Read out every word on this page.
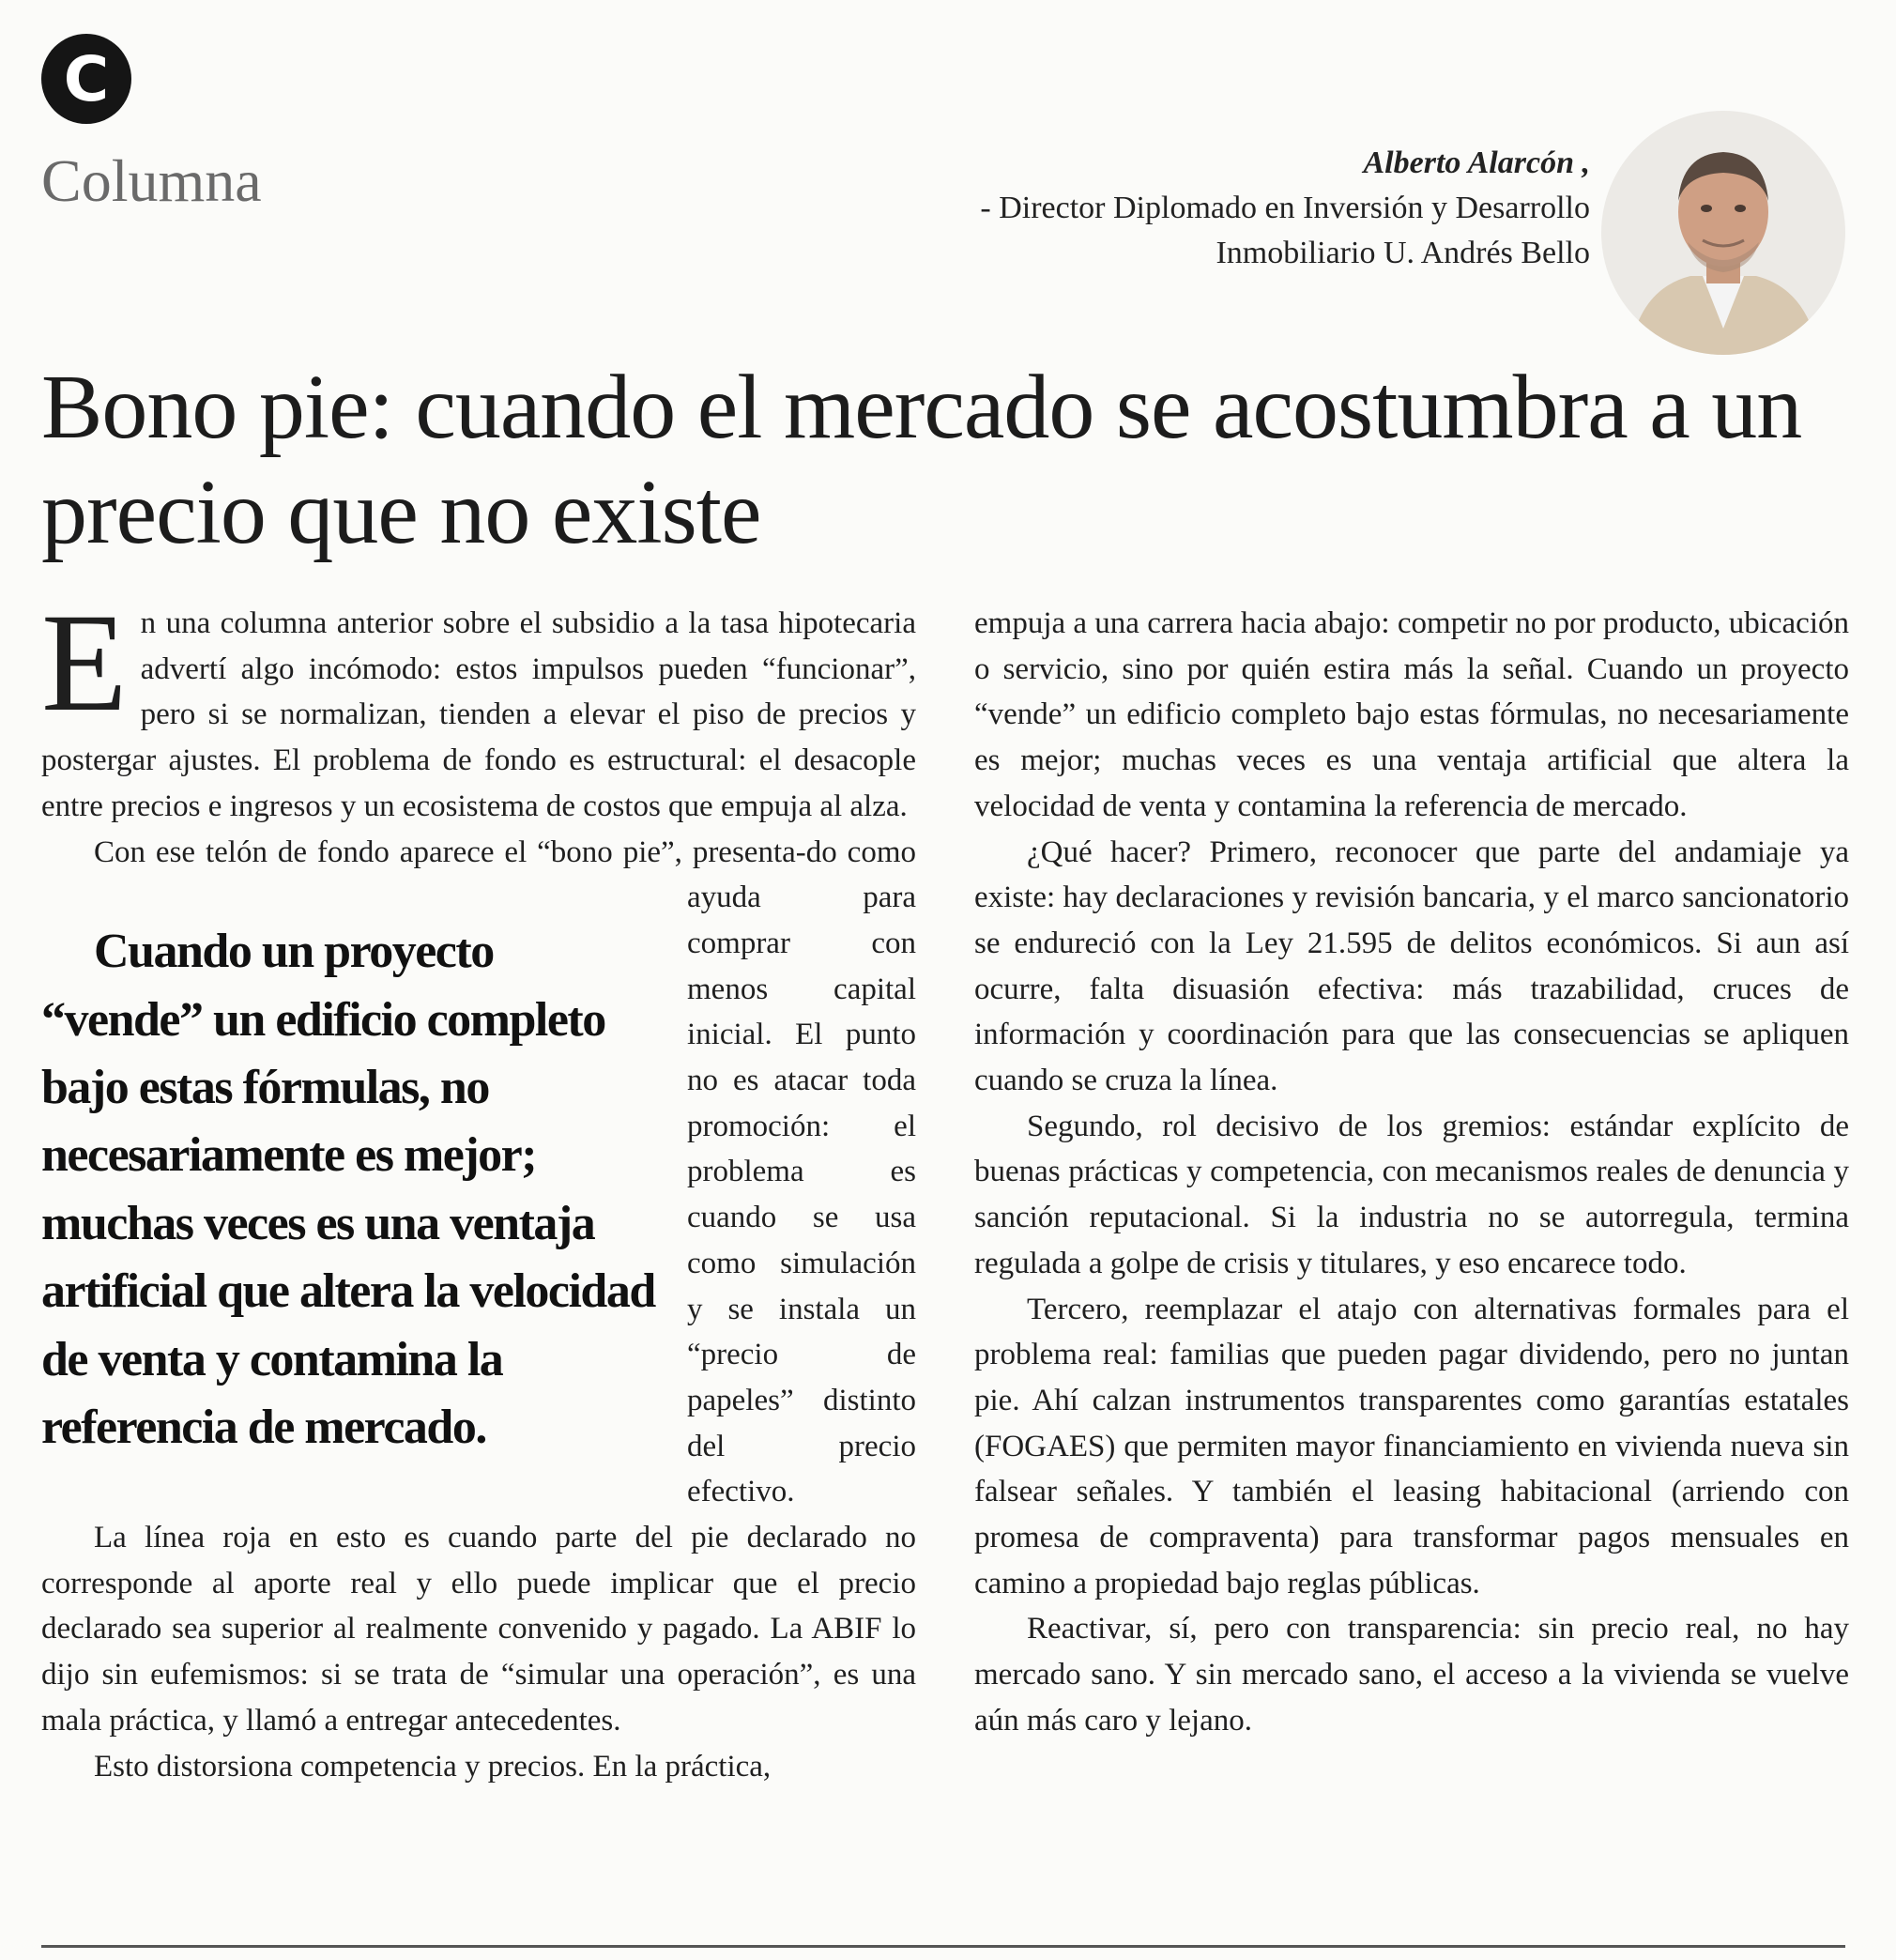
C
Columna	Alberto Alarcón ,
- Director Diplomado en Inversión y Desarrollo
Inmobiliario U. Andrés Bello
Bono pie: cuando el mercado se acostumbra a un precio que no existe

En una columna anterior sobre el subsidio a la tasa hipotecaria advertí algo incómodo: estos impulsos pueden “funcionar”, pero si se normalizan, tienden a elevar el piso de precios y postergar ajustes. El problema de fondo es estructural: el desacople entre precios e ingresos y un ecosistema de costos que empuja al alza.

Con ese telón de fondo aparece el “bono pie”, presenta-
Cuando un proyecto “vende” un edificio completo bajo estas fórmulas, no necesariamente es mejor; muchas veces es una ventaja artificial que altera la velocidad de venta y contamina la referencia de mercado.
do como ayuda para comprar con menos capital inicial. El punto no es atacar toda promoción: el problema es cuando se usa como simulación y se instala un “precio de papeles” distinto del precio efectivo.

La línea roja en esto es cuando parte del pie declarado no corresponde al aporte real y ello puede implicar que el precio declarado sea superior al realmente convenido y pagado. La ABIF lo dijo sin eufemismos: si se trata de “simular una operación”, es una mala práctica, y llamó a entregar antecedentes.

Esto distorsiona competencia y precios. En la práctica,

empuja a una carrera hacia abajo: competir no por producto, ubicación o servicio, sino por quién estira más la señal. Cuando un proyecto “vende” un edificio completo bajo estas fórmulas, no necesariamente es mejor; muchas veces es una ventaja artificial que altera la velocidad de venta y contamina la referencia de mercado.

¿Qué hacer? Primero, reconocer que parte del andamiaje ya existe: hay declaraciones y revisión bancaria, y el marco sancionatorio se endureció con la Ley 21.595 de delitos económicos. Si aun así ocurre, falta disuasión efectiva: más trazabilidad, cruces de información y coordinación para que las consecuencias se apliquen cuando se cruza la línea.

Segundo, rol decisivo de los gremios: estándar explícito de buenas prácticas y competencia, con mecanismos reales de denuncia y sanción reputacional. Si la industria no se autorregula, termina regulada a golpe de crisis y titulares, y eso encarece todo.

Tercero, reemplazar el atajo con alternativas formales para el problema real: familias que pueden pagar dividendo, pero no juntan pie. Ahí calzan instrumentos transparentes como garantías estatales (FOGAES) que permiten mayor financiamiento en vivienda nueva sin falsear señales. Y también el leasing habitacional (arriendo con promesa de compraventa) para transformar pagos mensuales en camino a propiedad bajo reglas públicas.

Reactivar, sí, pero con transparencia: sin precio real, no hay mercado sano. Y sin mercado sano, el acceso a la vivienda se vuelve aún más caro y lejano.
